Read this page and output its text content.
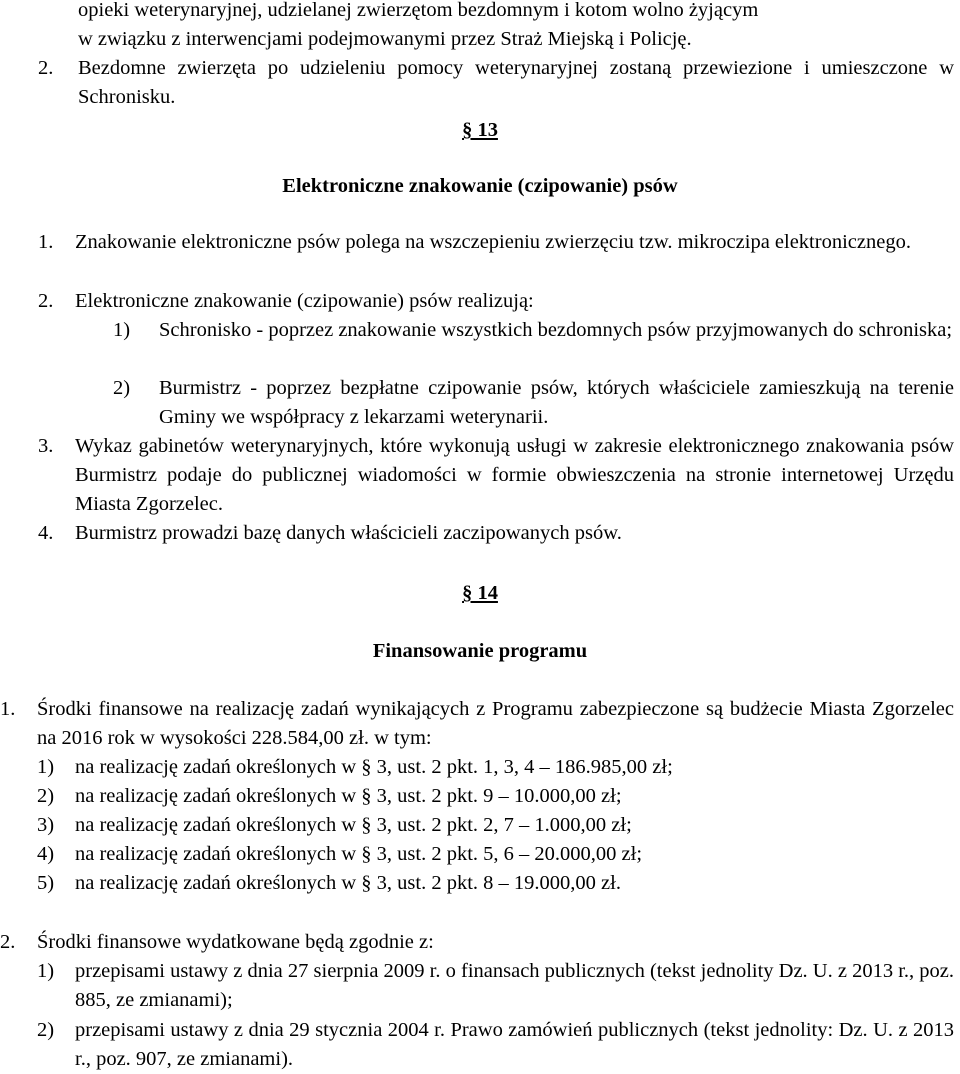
opieki weterynaryjnej, udzielanej zwierzętom bezdomnym i kotom wolno żyjącym
w związku z interwencjami podejmowanymi przez Straż Miejską i Policję.
2. Bezdomne zwierzęta po udzieleniu pomocy weterynaryjnej zostaną przewiezione i umieszczone w Schronisku.
§ 13
Elektroniczne znakowanie (czipowanie) psów
1. Znakowanie elektroniczne psów polega na wszczepieniu zwierzęciu tzw. mikroczipa elektronicznego.
2. Elektroniczne znakowanie (czipowanie) psów realizują:
1) Schronisko - poprzez znakowanie wszystkich bezdomnych psów przyjmowanych do schroniska;
2) Burmistrz - poprzez bezpłatne czipowanie psów, których właściciele zamieszkują na terenie Gminy we współpracy z lekarzami weterynarii.
3. Wykaz gabinetów weterynaryjnych, które wykonują usługi w zakresie elektronicznego znakowania psów Burmistrz podaje do publicznej wiadomości w formie obwieszczenia na stronie internetowej Urzędu Miasta Zgorzelec.
4. Burmistrz prowadzi bazę danych właścicieli zaczipowanych psów.
§ 14
Finansowanie programu
1. Środki finansowe na realizację zadań wynikających z Programu zabezpieczone są budżecie Miasta Zgorzelec na 2016 rok w wysokości 228.584,00 zł. w tym:
1) na realizację zadań określonych w § 3, ust. 2 pkt. 1, 3, 4 – 186.985,00 zł;
2) na realizację zadań określonych w § 3, ust. 2 pkt. 9 – 10.000,00 zł;
3) na realizację zadań określonych w § 3, ust. 2 pkt. 2, 7 – 1.000,00 zł;
4) na realizację zadań określonych w § 3, ust. 2 pkt. 5, 6 – 20.000,00 zł;
5) na realizację zadań określonych w § 3, ust. 2 pkt. 8 – 19.000,00 zł.
2. Środki finansowe wydatkowane będą zgodnie z:
1) przepisami ustawy z dnia 27 sierpnia 2009 r. o finansach publicznych (tekst jednolity Dz. U. z 2013 r., poz. 885, ze zmianami);
2) przepisami ustawy z dnia 29 stycznia 2004 r. Prawo zamówień publicznych (tekst jednolity: Dz. U. z 2013 r., poz. 907, ze zmianami).
